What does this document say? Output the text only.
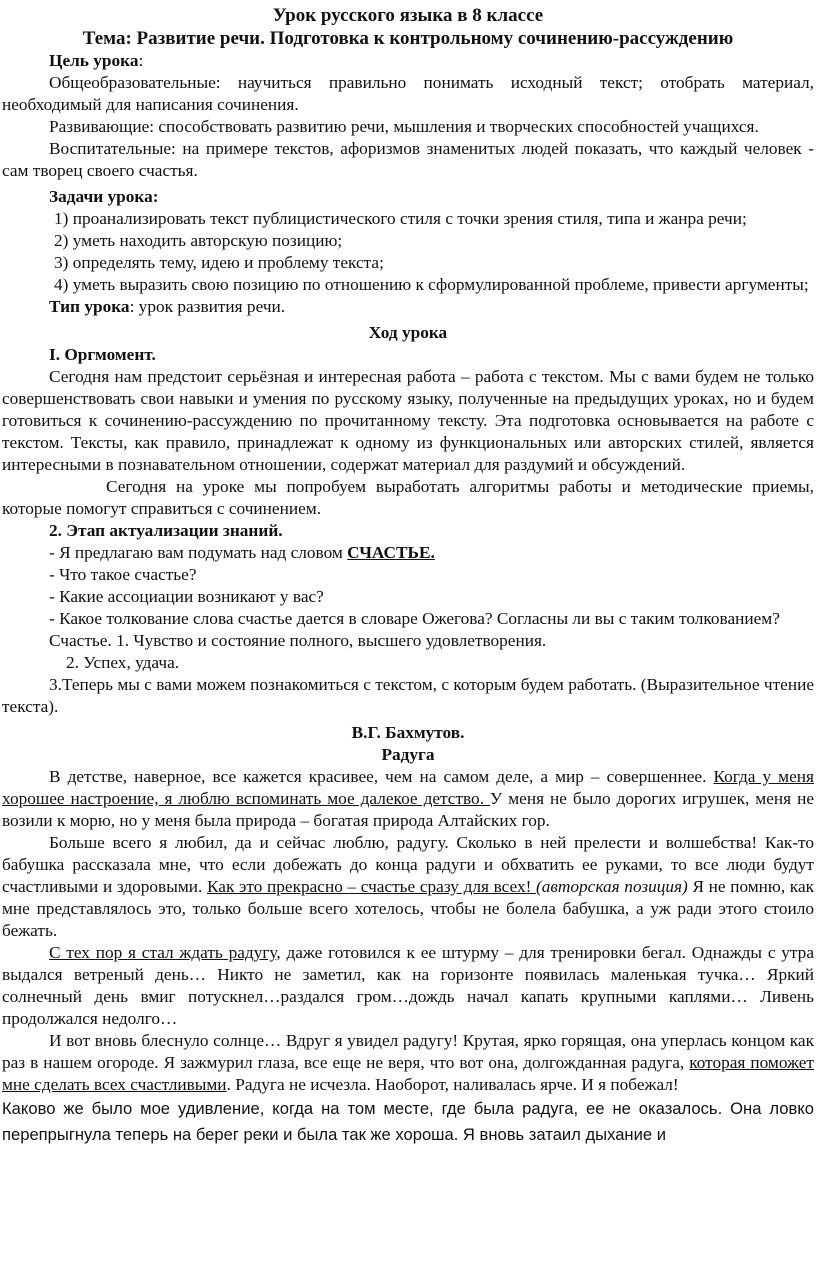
Урок русского языка в 8 классе

Тема: Развитие речи. Подготовка к контрольному сочинению-рассуждению

Цель урока:

Общеобразовательные: научиться правильно понимать исходный текст; отобрать материал, необходимый для написания сочинения.

Развивающие: способствовать развитию речи, мышления и творческих способностей учащихся.

Воспитательные: на примере текстов, афоризмов знаменитых людей показать, что каждый человек - сам творец своего счастья.

Задачи урока:

1) проанализировать текст публицистического стиля с точки зрения стиля, типа и жанра речи;

2) уметь находить авторскую позицию;

3) определять тему, идею и проблему текста;

4) уметь выразить свою позицию по отношению к сформулированной проблеме, привести аргументы;

Тип урока: урок развития речи.

Ход урока

I. Оргмомент.

Сегодня нам предстоит серьёзная и интересная работа – работа с текстом. Мы с вами будем не только совершенствовать свои навыки и умения по русскому языку, полученные на предыдущих уроках, но и будем готовиться к сочинению-рассуждению по прочитанному тексту. Эта подготовка основывается на работе с текстом. Тексты, как правило, принадлежат к одному из функциональных или авторских стилей, является интересными в познавательном отношении, содержат материал для раздумий и обсуждений.

Сегодня на уроке мы попробуем выработать алгоритмы работы и методические приемы, которые помогут справиться с сочинением.

2. Этап актуализации знаний.

- Я предлагаю вам подумать над словом СЧАСТЬЕ.

- Что такое счастье?

- Какие ассоциации возникают у вас?

- Какое толкование слова счастье дается в словаре Ожегова? Согласны ли вы с таким толкованием?

Счастье. 1. Чувство и состояние полного, высшего удовлетворения.

2. Успех, удача.

3.Теперь мы с вами можем познакомиться с текстом, с которым будем работать. (Выразительное чтение текста).

В.Г. Бахмутов.

Радуга

В детстве, наверное, все кажется красивее, чем на самом деле, а мир – совершеннее. Когда у меня хорошее настроение, я люблю вспоминать мое далекое детство. У меня не было дорогих игрушек, меня не возили к морю, но у меня была природа – богатая природа Алтайских гор.

Больше всего я любил, да и сейчас люблю, радугу. Сколько в ней прелести и волшебства! Как-то бабушка рассказала мне, что если добежать до конца радуги и обхватить ее руками, то все люди будут счастливыми и здоровыми. Как это прекрасно – счастье сразу для всех! (авторская позиция) Я не помню, как мне представлялось это, только больше всего хотелось, чтобы не болела бабушка, а уж ради этого стоило бежать.

С тех пор я стал ждать радугу, даже готовился к ее штурму – для тренировки бегал. Однажды с утра выдался ветреный день… Никто не заметил, как на горизонте появилась маленькая тучка… Яркий солнечный день вмиг потускнел…раздался гром…дождь начал капать крупными каплями… Ливень продолжался недолго…

И вот вновь блеснуло солнце… Вдруг я увидел радугу! Крутая, ярко горящая, она уперлась концом как раз в нашем огороде. Я зажмурил глаза, все еще не веря, что вот она, долгожданная радуга, которая поможет мне сделать всех счастливыми. Радуга не исчезла. Наоборот, наливалась ярче. И я побежал!

Каково же было мое удивление, когда на том месте, где была радуга, ее не оказалось. Она ловко перепрыгнула теперь на берег реки и была так же хороша. Я вновь затаил дыхание и
